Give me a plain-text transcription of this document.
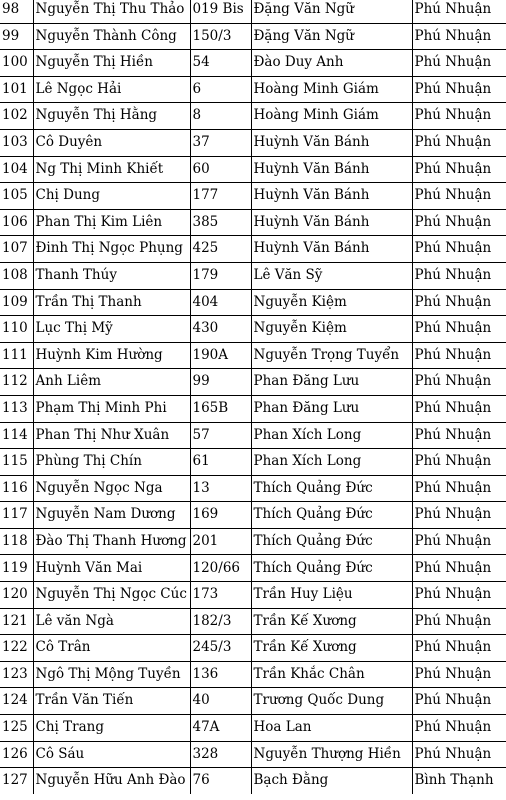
98	Nguyễn Thị Thu Thảo	019 Bis	Đặng Văn Ngữ	Phú Nhuận
99	Nguyễn Thành Công	150/3	Đặng Văn Ngữ	Phú Nhuận
100	Nguyễn Thị Hiền	54	Đào Duy Anh	Phú Nhuận
101	Lê Ngọc Hải	6	Hoàng Minh Giám	Phú Nhuận
102	Nguyễn Thị Hằng	8	Hoàng Minh Giám	Phú Nhuận
103	Cô Duyên	37	Huỳnh Văn Bánh	Phú Nhuận
104	Ng Thị Minh Khiết	60	Huỳnh Văn Bánh	Phú Nhuận
105	Chị Dung	177	Huỳnh Văn Bánh	Phú Nhuận
106	Phan Thị Kim Liên	385	Huỳnh Văn Bánh	Phú Nhuận
107	Đinh Thị Ngọc Phụng	425	Huỳnh Văn Bánh	Phú Nhuận
108	Thanh Thúy	179	Lê Văn Sỹ	Phú Nhuận
109	Trần Thị Thanh	404	Nguyễn Kiệm	Phú Nhuận
110	Lục Thị Mỹ	430	Nguyễn Kiệm	Phú Nhuận
111	Huỳnh Kim Hường	190A	Nguyễn Trọng Tuyển	Phú Nhuận
112	Anh Liêm	99	Phan Đăng Lưu	Phú Nhuận
113	Phạm Thị Minh Phi	165B	Phan Đăng Lưu	Phú Nhuận
114	Phan Thị Như Xuân	57	Phan Xích Long	Phú Nhuận
115	Phùng Thị Chín	61	Phan Xích Long	Phú Nhuận
116	Nguyễn Ngọc Nga	13	Thích Quảng Đức	Phú Nhuận
117	Nguyễn Nam Dương	169	Thích Quảng Đức	Phú Nhuận
118	Đào Thị Thanh Hương	201	Thích Quảng Đức	Phú Nhuận
119	Huỳnh Văn Mai	120/66	Thích Quảng Đức	Phú Nhuận
120	Nguyễn Thị Ngọc Cúc	173	Trần Huy Liệu	Phú Nhuận
121	Lê văn Ngà	182/3	Trần Kế Xương	Phú Nhuận
122	Cô Trân	245/3	Trần Kế Xương	Phú Nhuận
123	Ngô Thị Mộng Tuyền	136	Trần Khắc Chân	Phú Nhuận
124	Trần Văn Tiến	40	Trương Quốc Dung	Phú Nhuận
125	Chị Trang	47A	Hoa Lan	Phú Nhuận
126	Cô Sáu	328	Nguyễn Thượng Hiền	Phú Nhuận
127	Nguyễn Hữu Anh Đào	76	Bạch Đằng	Bình Thạnh
